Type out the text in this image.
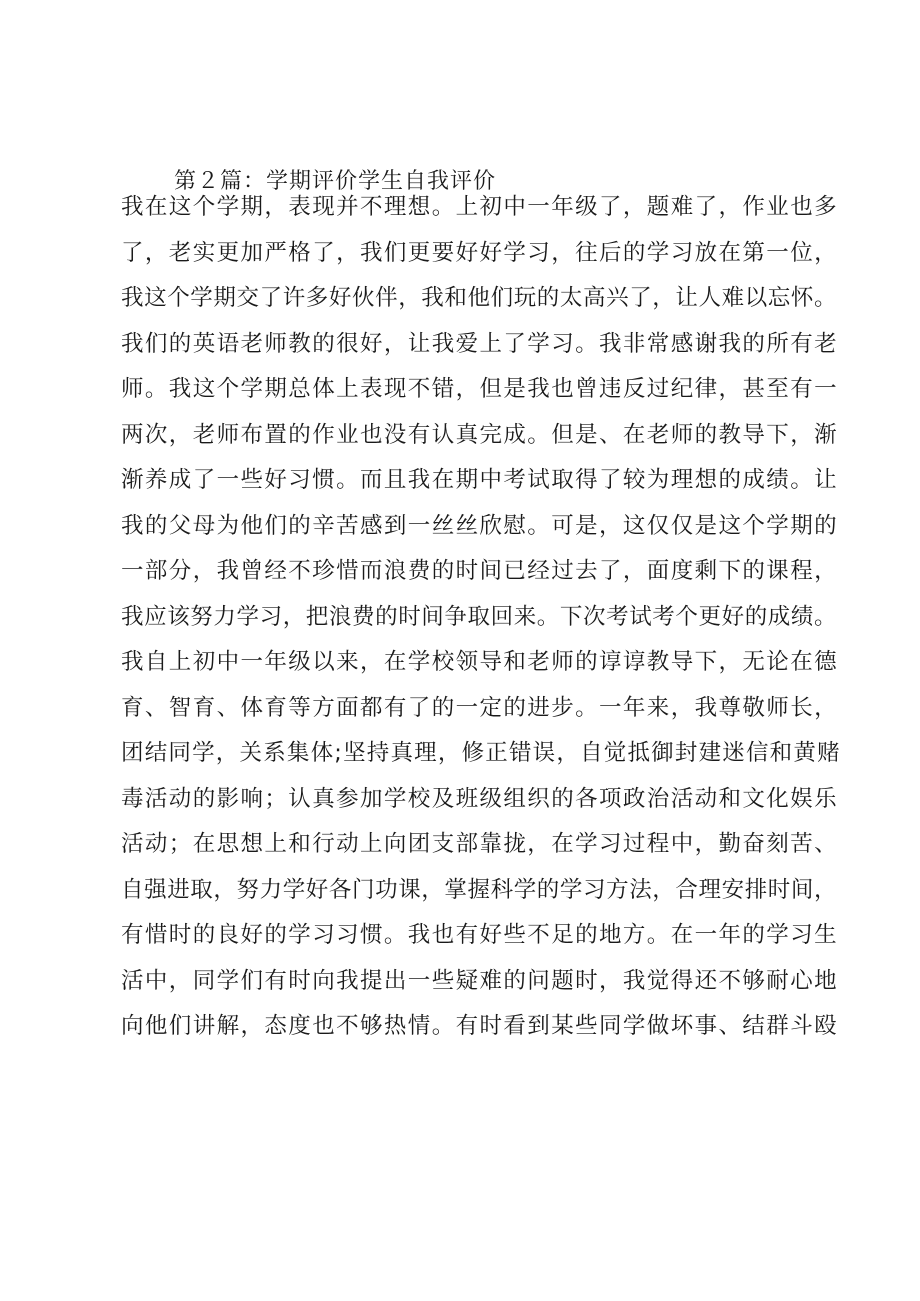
第２篇：学期评价学生自我评价
我在这个学期，表现并不理想。上初中一年级了，题难了，作业也多
了，老实更加严格了，我们更要好好学习，往后的学习放在第一位，
我这个学期交了许多好伙伴，我和他们玩的太高兴了，让人难以忘怀。
我们的英语老师教的很好，让我爱上了学习。我非常感谢我的所有老
师。我这个学期总体上表现不错，但是我也曾违反过纪律，甚至有一
两次，老师布置的作业也没有认真完成。但是、在老师的教导下，渐
渐养成了一些好习惯。而且我在期中考试取得了较为理想的成绩。让
我的父母为他们的辛苦感到一丝丝欣慰。可是，这仅仅是这个学期的
一部分，我曾经不珍惜而浪费的时间已经过去了，面度剩下的课程，
我应该努力学习，把浪费的时间争取回来。下次考试考个更好的成绩。
我自上初中一年级以来，在学校领导和老师的谆谆教导下，无论在德
育、智育、体育等方面都有了的一定的进步。一年来，我尊敬师长，
团结同学，关系集体;坚持真理，修正错误，自觉抵御封建迷信和黄赌
毒活动的影响；认真参加学校及班级组织的各项政治活动和文化娱乐
活动；在思想上和行动上向团支部靠拢，在学习过程中，勤奋刻苦、
自强进取，努力学好各门功课，掌握科学的学习方法，合理安排时间，
有惜时的良好的学习习惯。我也有好些不足的地方。在一年的学习生
活中，同学们有时向我提出一些疑难的问题时，我觉得还不够耐心地
向他们讲解，态度也不够热情。有时看到某些同学做坏事、结群斗殴
